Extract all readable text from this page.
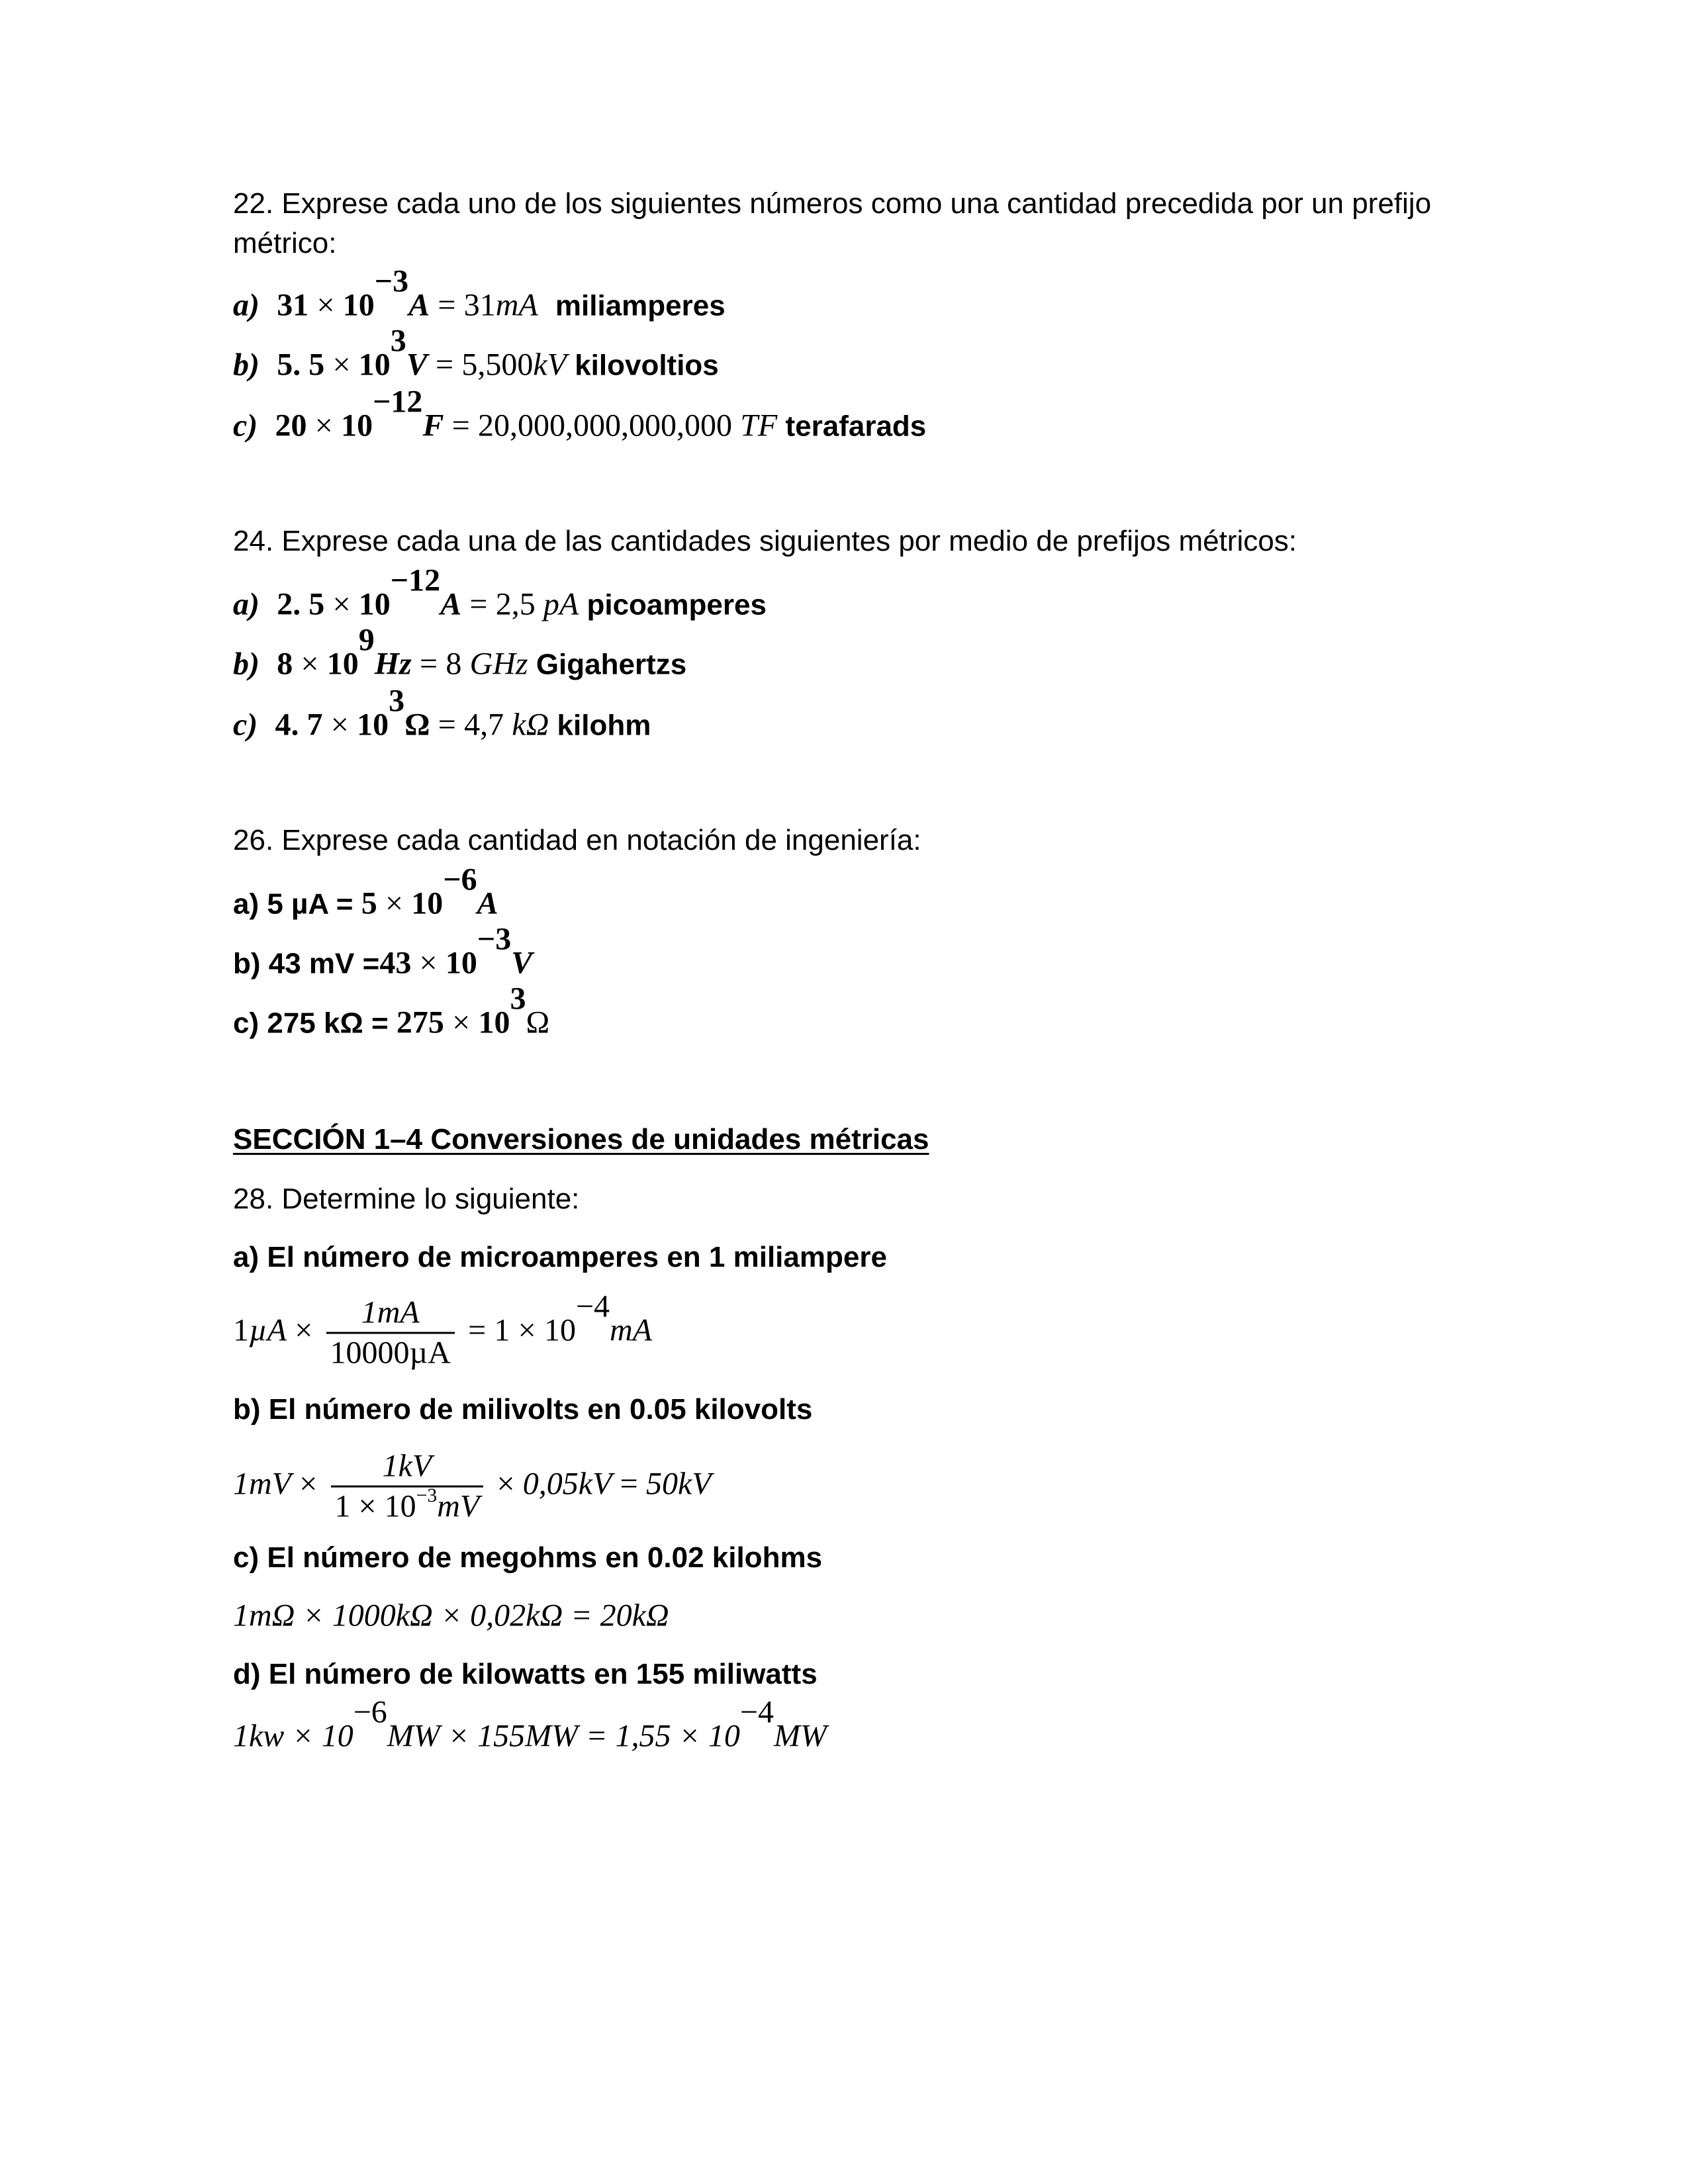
22. Exprese cada uno de los siguientes números como una cantidad precedida por un prefijo
métrico:
a) $31 \times 10^{-3}A = 31mA$ miliamperes
b) 5. $5 \times 10^3V = 5,500kV$ kilovoltios
c) $20 \times 10^{-12}F = 20,000,000,000,000$ TF terafarads
24. Exprese cada una de las cantidades siguientes por medio de prefijos métricos:
a) 2. $5 \times 10^{-12}A = 2,5$ pA picoamperes
b) $8 \times 10^9Hz = 8$ GHz Gigahertzs
c) 4. $7 \times 10^3\Omega = 4,7$ kΩ kilohm
26. Exprese cada cantidad en notación de ingeniería:
a) 5 $\mu A = 5 \times 10^{-6}A$
b) 43 mV $=43 \times 10^{-3}V$
c) 275 $k\Omega = 275 \times 10^3\Omega$
SECCIÓN 1–4 Conversiones de unidades métricas
28. Determine lo siguiente:
a) El número de microamperes en 1 miliampere
$1\mu A \times \frac{1mA}{\text{10000µA}} = 1 \times 10^{-4}mA$
b) El número de milivolts en 0.05 kilovolts
$1mV \times \frac{1kV}{1 \times 10^{-3}mV} \times 0,05kV = 50kV$
c) El número de megohms en 0.02 kilohms
1mΩ × 1000kΩ × 0,02kΩ = 20kΩ
d) El número de kilowatts en 155 miliwatts
$1kw \times 10^{-6}MW \times 155MW = 1,55 \times 10^{-4}MW$
